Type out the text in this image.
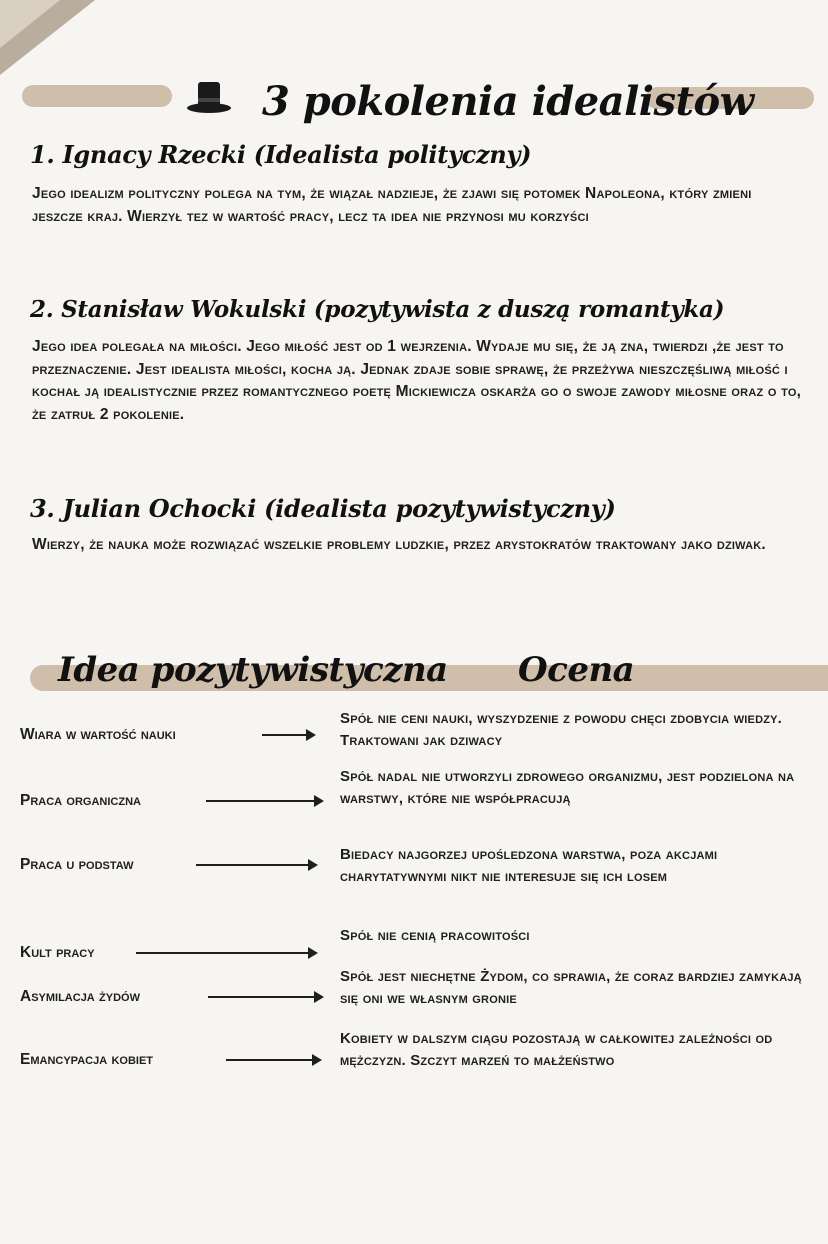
3 pokolenia idealistów
1. Ignacy Rzecki (Idealista polityczny)

Jego idealizm polityczny polega na tym, że wiązał nadzieje, że zjawi się potomek Napoleona, który zmieni jeszcze kraj. Wierzył tez w wartość pracy, lecz ta idea nie przynosi mu korzyści

2. Stanisław Wokulski (pozytywista z duszą romantyka)

Jego idea polegała na miłości. Jego miłość jest od 1 wejrzenia. Wydaje mu się, że ją zna, twierdzi ,że jest to przeznaczenie. Jest idealista miłości, kocha ją. Jednak zdaje sobie sprawę, że przeżywa nieszczęśliwą miłość i kochał ją idealistycznie przez romantycznego poetę Mickiewicza oskarża go o swoje zawody miłosne oraz o to, że zatruł 2 pokolenie.

3. Julian Ochocki (idealista pozytywistyczny)

Wierzy, że nauka może rozwiązać wszelkie problemy ludzkie, przez arystokratów traktowany jako dziwak.

Idea pozytywistyczna Ocena
Wiara w wartość nauki

Spół nie ceni nauki, wyszydzenie z powodu chęci zdobycia wiedzy. Traktowani jak dziwacy

Praca organiczna

Spół nadal nie utworzyli zdrowego organizmu, jest podzielona na warstwy, które nie współpracują

Praca u podstaw

Biedacy najgorzej upośledzona warstwa, poza akcjami charytatywnymi nikt nie interesuje się ich losem

Kult pracy

Spół nie cenią pracowitości

Asymilacja żydów

Spół jest niechętne Żydom, co sprawia, że coraz bardziej zamykają się oni we własnym gronie

Emancypacja kobiet

Kobiety w dalszym ciągu pozostają w całkowitej zależności od mężczyzn. Szczyt marzeń to małżeństwo
